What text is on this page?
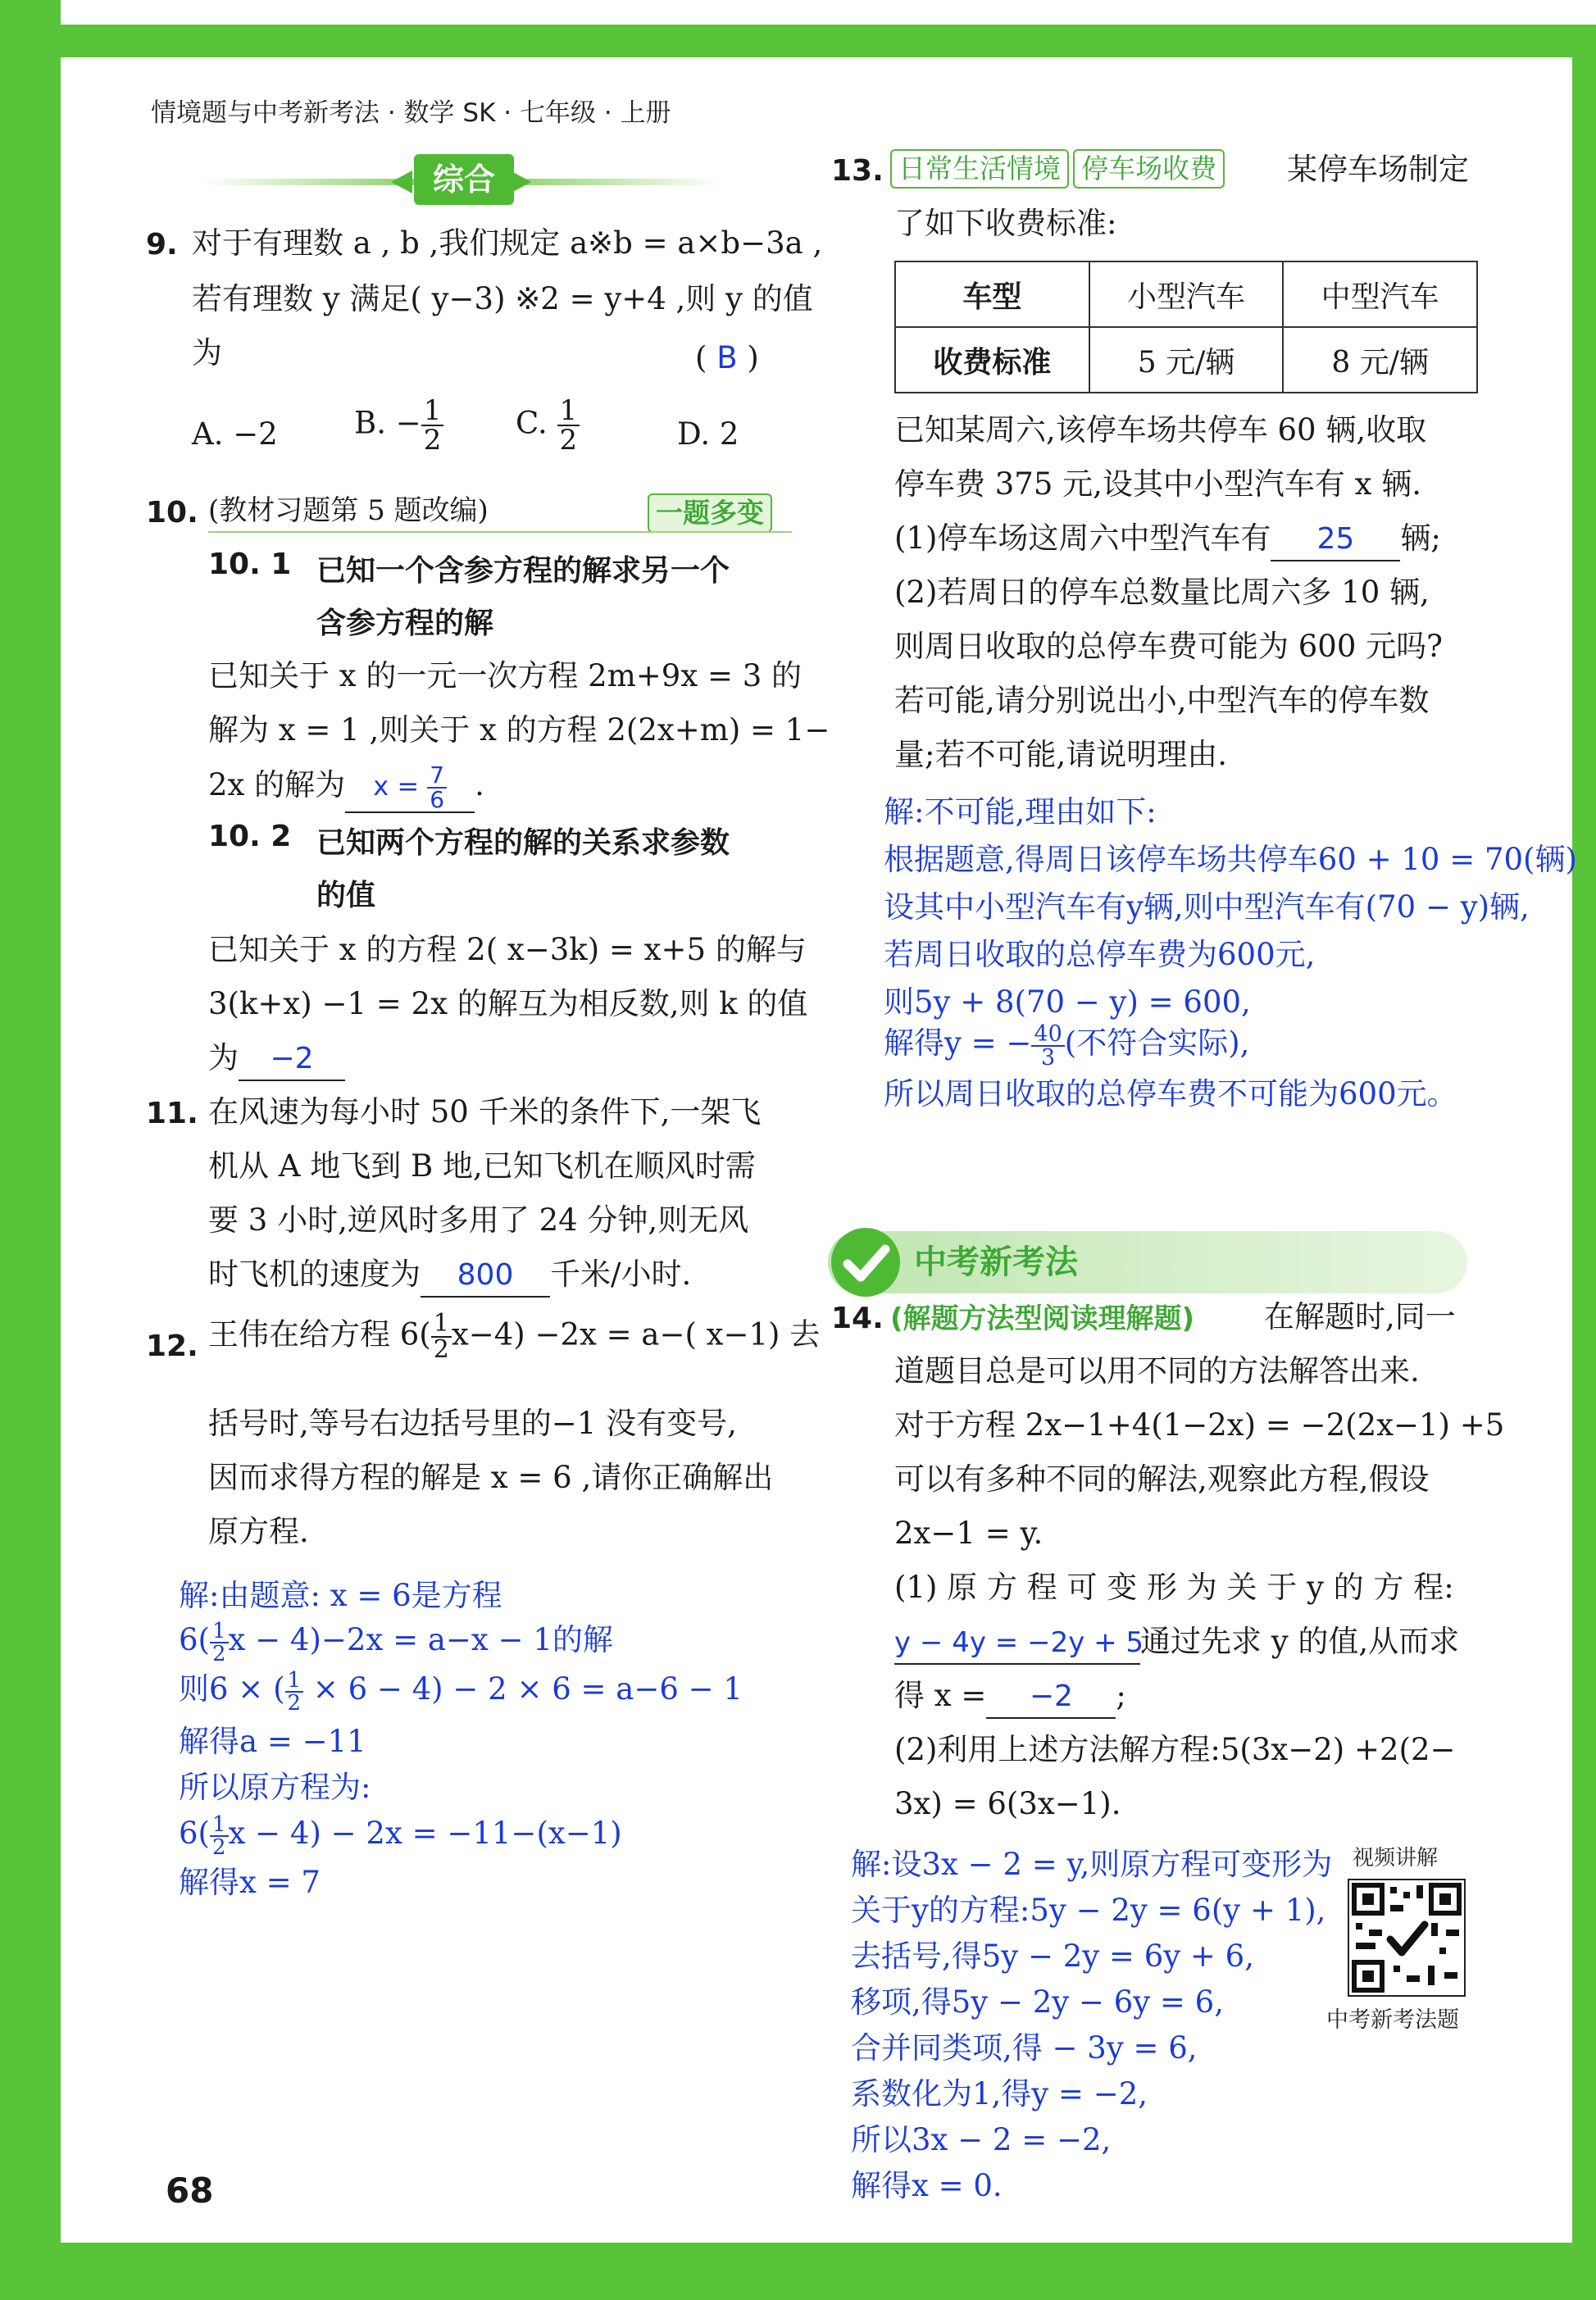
情境题与中考新考法 · 数学 SK · 七年级 · 上册
综合
9. 对于有理数 a , b ,我们规定 a※b = a×b−3a ,
若有理数 y 满足( y−3) ※2 = y+4 ,则 y 的值
为	( B )
A. −2	B. − $\frac{1}{2} C$. $\frac{1}{2}$	D. 2
10. (教材习题第 5 题改编)	一题多变
10. 1 已知一个含参方程的解求另一个
含参方程的解
已知关于 x 的一元一次方程 2m+9x = 3 的
解为 x = 1 ,则关于 x 的方程 2(2x+m) = 1−
2x 的解为 $x = \frac{7}{6}$ .
10. 2 已知两个方程的解的关系求参数
的值
已知关于 x 的方程 2( x−3k) = x+5 的解与
3(k+x) −1 = 2x 的解互为相反数,则 k 的值
为 −2
11. 在风速为每小时 50 千米的条件下,一架飞
机从 A 地飞到 B 地,已知飞机在顺风时需
要 3 小时,逆风时多用了 24 分钟,则无风
时飞机的速度为 800 千米/小时.
12. 王伟在给方程 $6( \frac{1}{2} x-4) -2x = a-$( x−1) 去
括号时,等号右边括号里的−1 没有变号,
因而求得方程的解是 x = 6 ,请你正确解出
原方程.
解:由题意: x = 6是方程
$6( \frac{1}{2}$ x − 4)−2x = a−x − 1的解
则6 × ( $\frac{1}{2} \times 6 - 4) - 2 \times 6 = a-6 - 1$
解得a = −11
所以原方程为:
$6( \frac{1}{2}$ x − 4) − 2x = −11−(x−1)
解得x = 7
13. 日常生活情境 停车场收费 某停车场制定
了如下收费标准:
车型	小型汽车	中型汽车
收费标准	5 元/辆	8 元/辆
已知某周六,该停车场共停车 60 辆,收取
停车费 375 元,设其中小型汽车有 x 辆.
(1)停车场这周六中型汽车有 25 辆;
(2)若周日的停车总数量比周六多 10 辆,
则周日收取的总停车费可能为 600 元吗?
若可能,请分别说出小,中型汽车的停车数
量;若不可能,请说明理由.
解:不可能,理由如下:
根据题意,得周日该停车场共停车60 + 10 = 70(辆)
设其中小型汽车有y辆,则中型汽车有(70 − y)辆,
若周日收取的总停车费为600元,
则5y + 8(70 − y) = 600,
解得y = − $\frac{40}{3}$ (不符合实际),
所以周日收取的总停车费不可能为600元。
中考新考法
14. (解题方法型阅读理解题) 在解题时,同一
道题目总是可以用不同的方法解答出来.
对于方程 2x−1+4(1−2x) = −2(2x−1) +5
可以有多种不同的解法,观察此方程,假设
2x−1 = y.
(1) 原 方 程 可 变 形 为 关 于 y 的 方 程:
y − 4y = −2y + 5通过先求 y 的值,从而求
得 x = −2 ;
(2)利用上述方法解方程:5(3x−2) +2(2−
3x) = 6(3x−1).
解:设3x − 2 = y,则原方程可变形为
关于y的方程:5y − 2y = 6(y + 1),
去括号,得5y − 2y = 6y + 6,
移项,得5y − 2y − 6y = 6,
合并同类项,得 − 3y = 6,
系数化为1,得y = −2,
所以3x − 2 = −2,
解得x = 0.
视频讲解
中考新考法题
68
